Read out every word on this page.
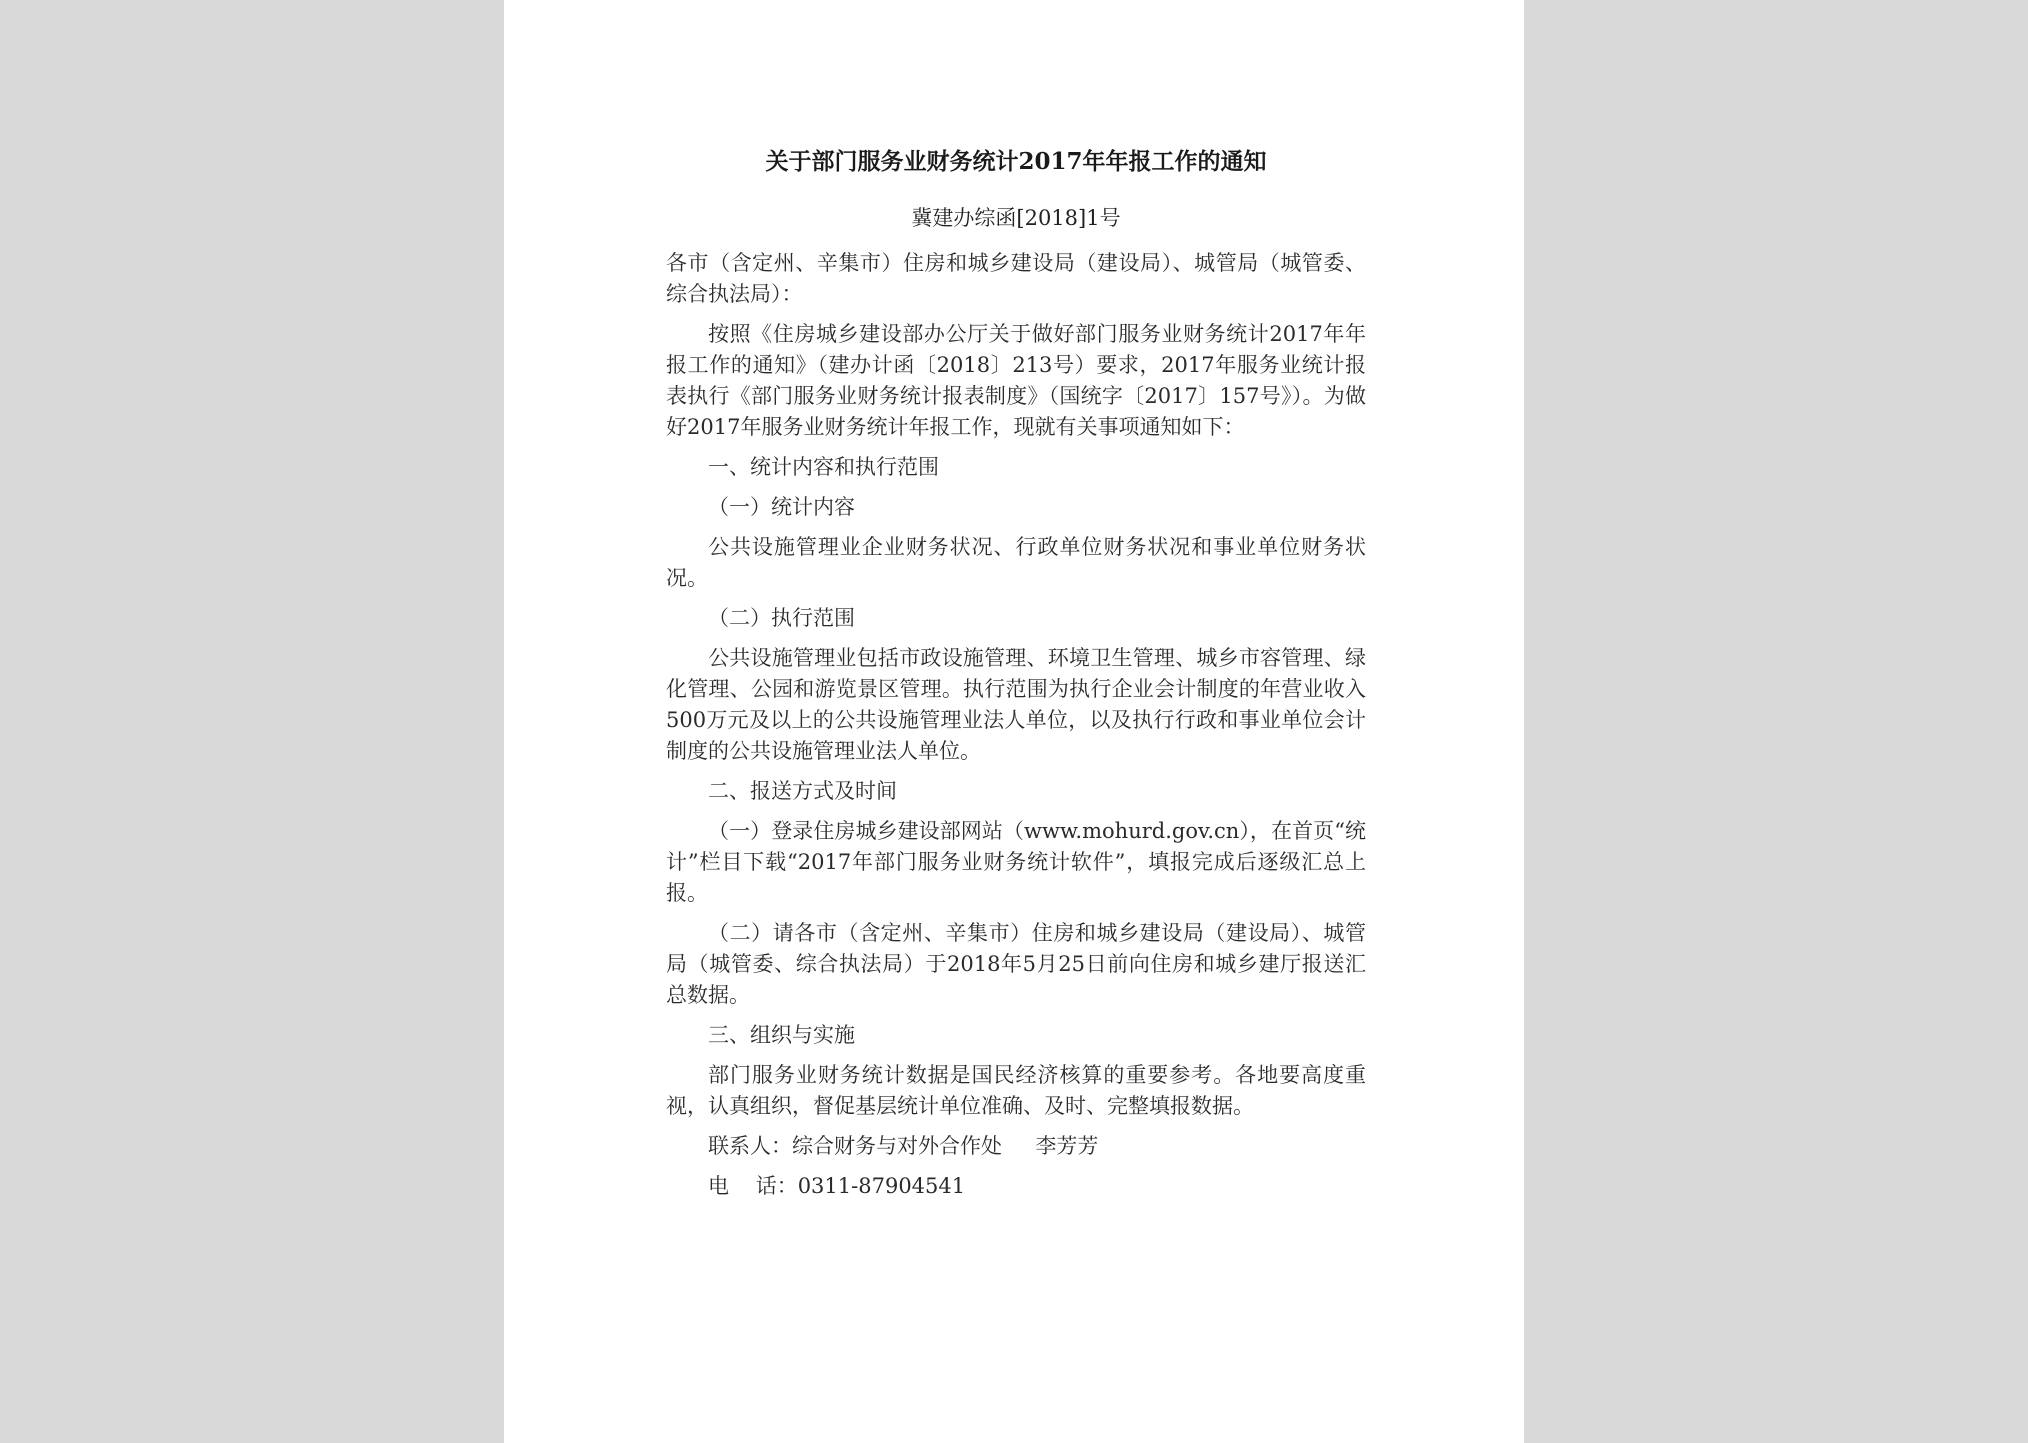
关于部门服务业财务统计2017年年报工作的通知
冀建办综函[2018]1号

各市（含定州、辛集市）住房和城乡建设局（建设局）、城管局（城管委、综合执法局）：

按照《住房城乡建设部办公厅关于做好部门服务业财务统计2017年年报工作的通知》（建办计函〔2018〕213号）要求，2017年服务业统计报表执行《部门服务业财务统计报表制度》（国统字〔2017〕157号》）。为做好2017年服务业财务统计年报工作，现就有关事项通知如下：

一、统计内容和执行范围

（一）统计内容

公共设施管理业企业财务状况、行政单位财务状况和事业单位财务状况。

（二）执行范围

公共设施管理业包括市政设施管理、环境卫生管理、城乡市容管理、绿化管理、公园和游览景区管理。执行范围为执行企业会计制度的年营业收入500万元及以上的公共设施管理业法人单位，以及执行行政和事业单位会计制度的公共设施管理业法人单位。

二、报送方式及时间

（一）登录住房城乡建设部网站（www.mohurd.gov.cn），在首页“统计”栏目下载“2017年部门服务业财务统计软件”，填报完成后逐级汇总上报。

（二）请各市（含定州、辛集市）住房和城乡建设局（建设局）、城管局（城管委、综合执法局）于2018年5月25日前向住房和城乡建厅报送汇总数据。

三、组织与实施

部门服务业财务统计数据是国民经济核算的重要参考。各地要高度重视，认真组织，督促基层统计单位准确、及时、完整填报数据。

联系人：综合财务与对外合作处     李芳芳
电    话：0311-87904541
